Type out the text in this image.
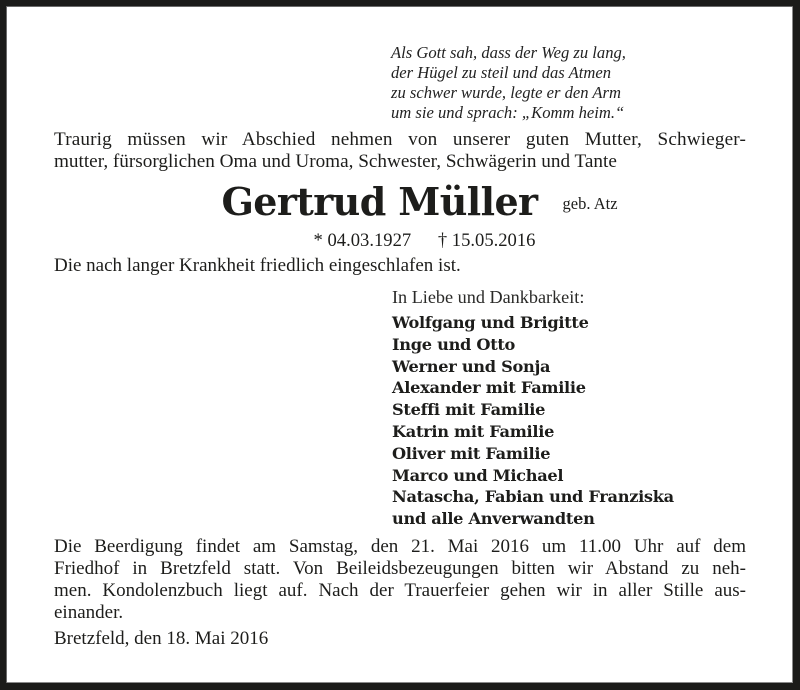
Als Gott sah, dass der Weg zu lang,
der Hügel zu steil und das Atmen
zu schwer wurde, legte er den Arm
um sie und sprach: „Komm heim.“
Traurig müssen wir Abschied nehmen von unserer guten Mutter, Schwieger-
mutter, fürsorglichen Oma und Uroma, Schwester, Schwägerin und Tante
Gertrud Müller geb. Atz
* 04.03.1927 † 15.05.2016
Die nach langer Krankheit friedlich eingeschlafen ist.
In Liebe und Dankbarkeit:
Wolfgang und Brigitte
Inge und Otto
Werner und Sonja
Alexander mit Familie
Steffi mit Familie
Katrin mit Familie
Oliver mit Familie
Marco und Michael
Natascha, Fabian und Franziska
und alle Anverwandten
Die Beerdigung findet am Samstag, den 21. Mai 2016 um 11.00 Uhr auf dem
Friedhof in Bretzfeld statt. Von Beileidsbezeugungen bitten wir Abstand zu neh-
men. Kondolenzbuch liegt auf. Nach der Trauerfeier gehen wir in aller Stille aus-
einander.
Bretzfeld, den 18. Mai 2016
